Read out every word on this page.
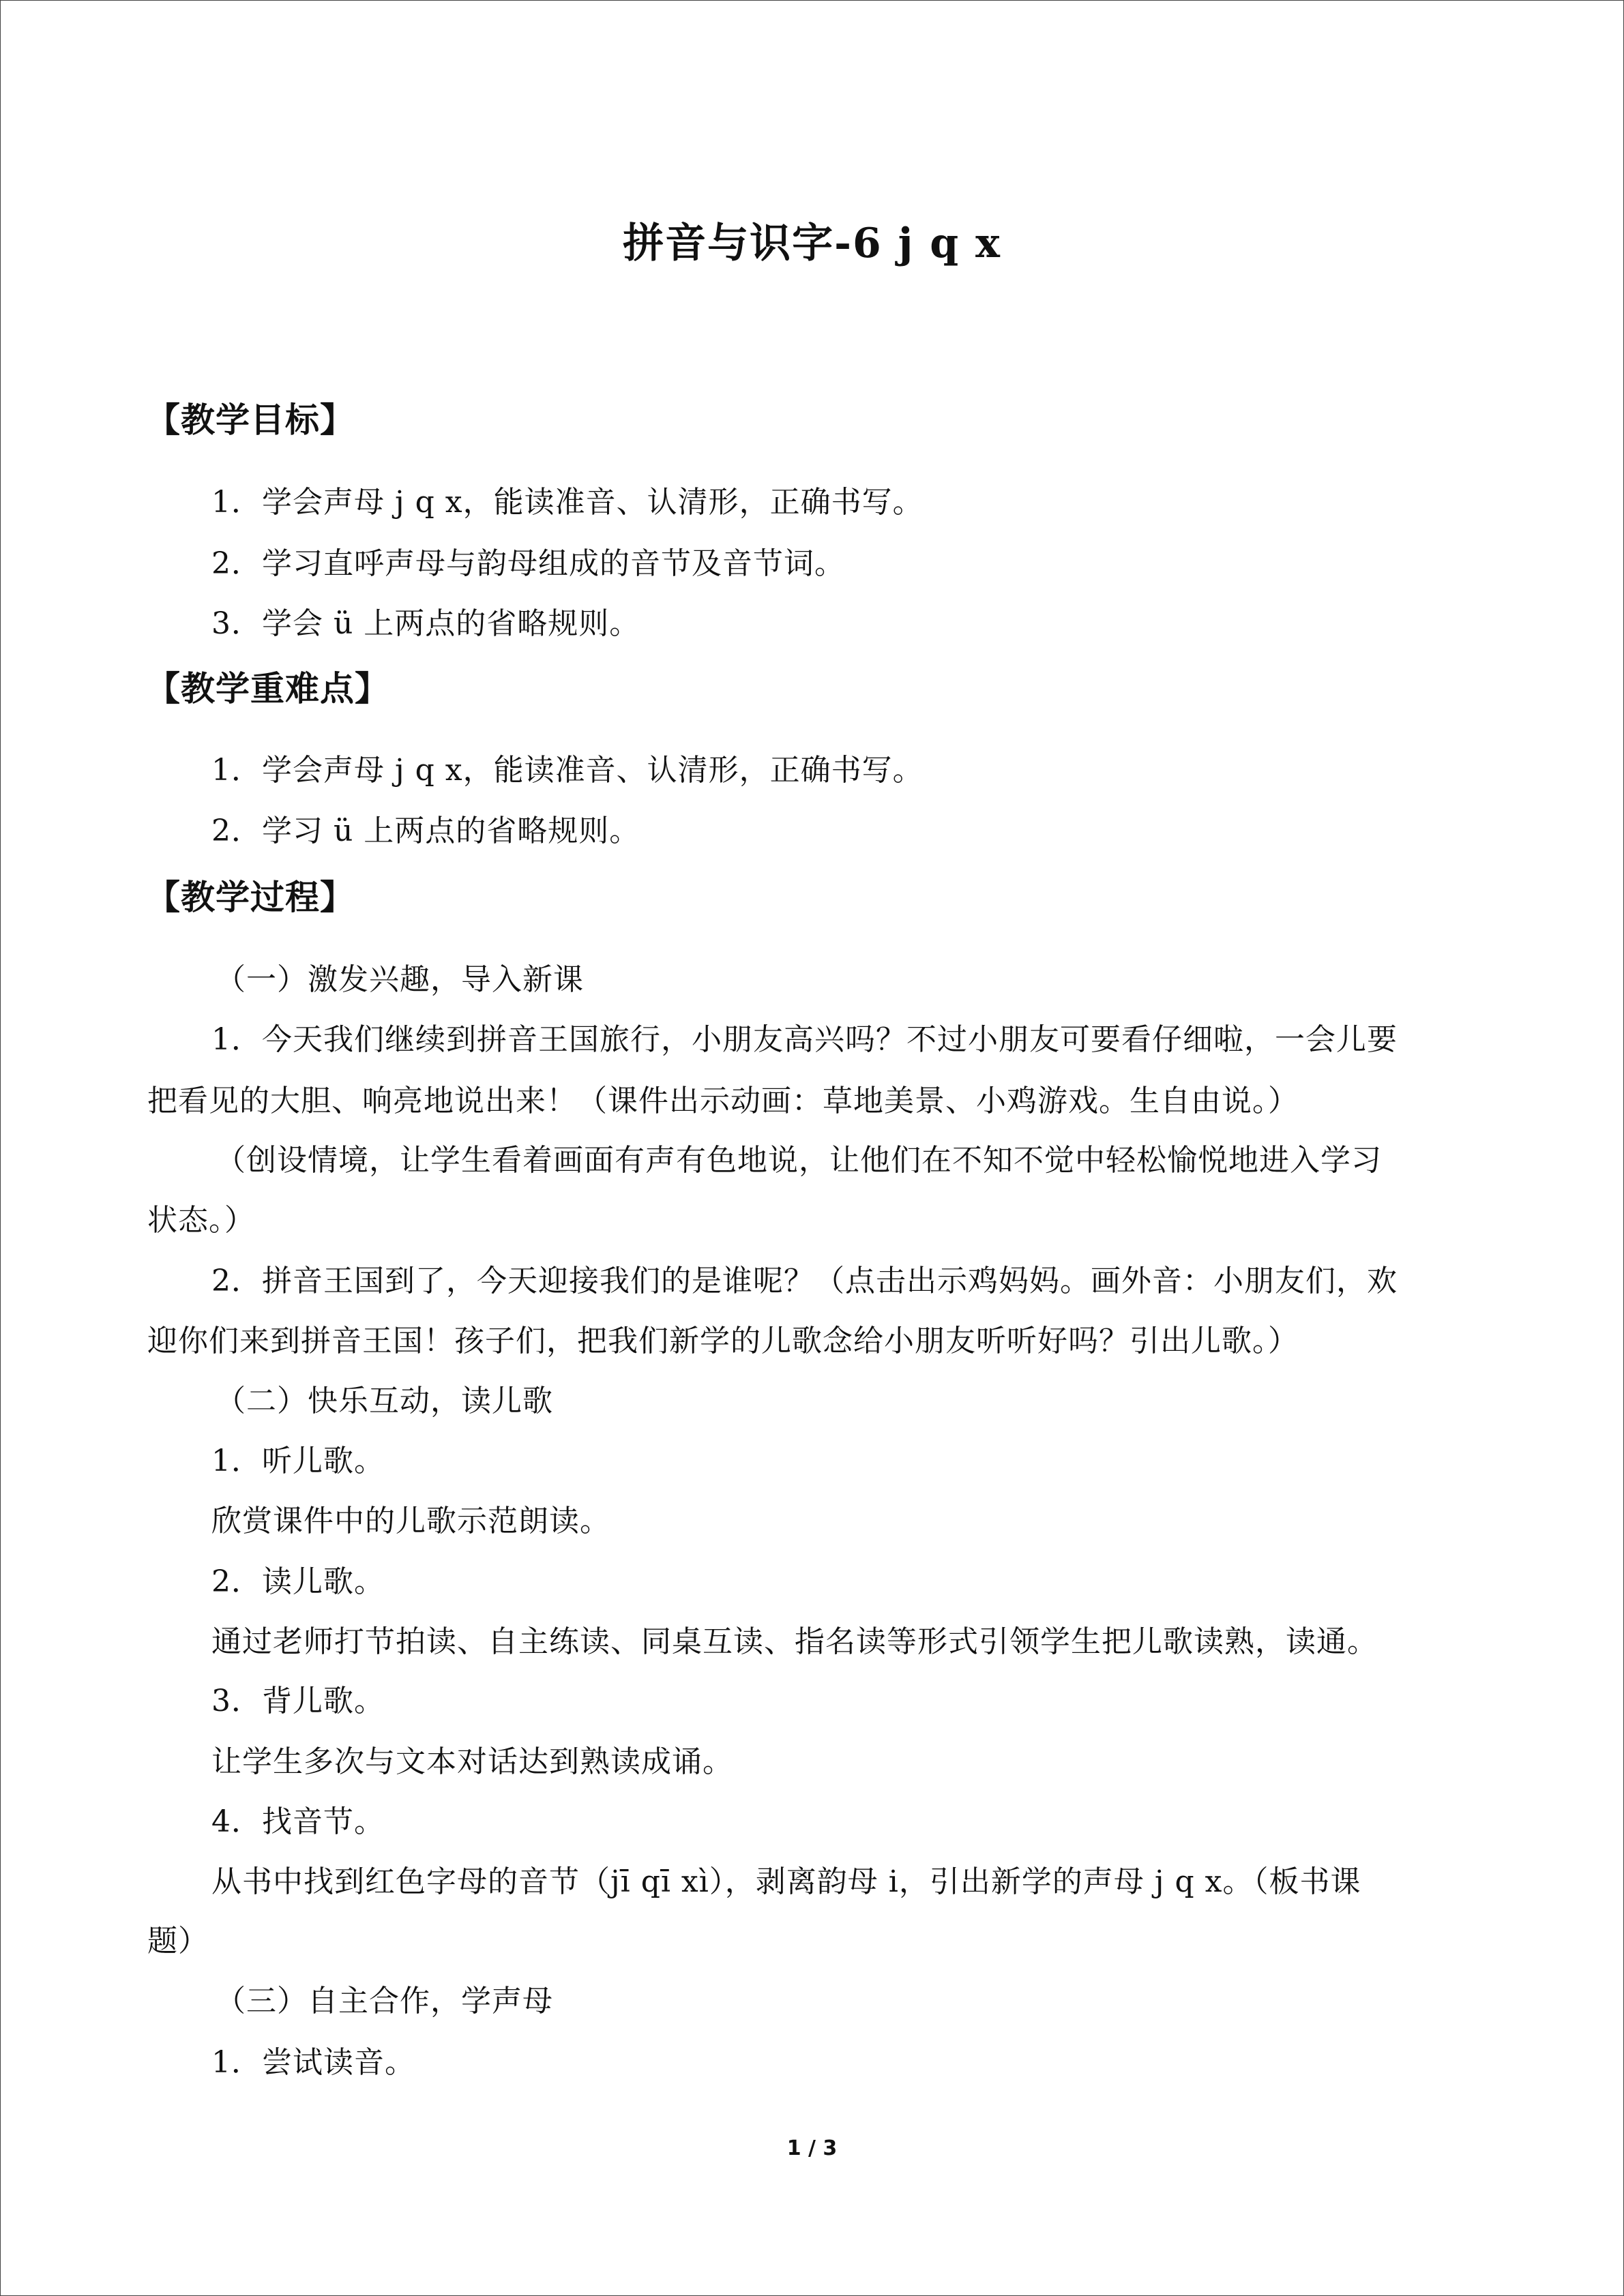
拼音与识字-6 j q x
【教学目标】
1．学会声母 j q x，能读准音、认清形，正确书写。
2．学习直呼声母与韵母组成的音节及音节词。
3．学会 ü 上两点的省略规则。
【教学重难点】
1．学会声母 j q x，能读准音、认清形，正确书写。
2．学习 ü 上两点的省略规则。
【教学过程】
（一）激发兴趣，导入新课
1．今天我们继续到拼音王国旅行，小朋友高兴吗？不过小朋友可要看仔细啦，一会儿要
把看见的大胆、响亮地说出来！（课件出示动画：草地美景、小鸡游戏。生自由说。）
（创设情境，让学生看着画面有声有色地说，让他们在不知不觉中轻松愉悦地进入学习
状态。）
2．拼音王国到了，今天迎接我们的是谁呢？（点击出示鸡妈妈。画外音：小朋友们，欢
迎你们来到拼音王国！孩子们，把我们新学的儿歌念给小朋友听听好吗？引出儿歌。）
（二）快乐互动，读儿歌
1．听儿歌。
欣赏课件中的儿歌示范朗读。
2．读儿歌。
通过老师打节拍读、自主练读、同桌互读、指名读等形式引领学生把儿歌读熟，读通。
3．背儿歌。
让学生多次与文本对话达到熟读成诵。
4．找音节。
从书中找到红色字母的音节（jī qī xì），剥离韵母 i，引出新学的声母 j q x。（板书课
题）
（三）自主合作，学声母
1．尝试读音。
1 / 3
